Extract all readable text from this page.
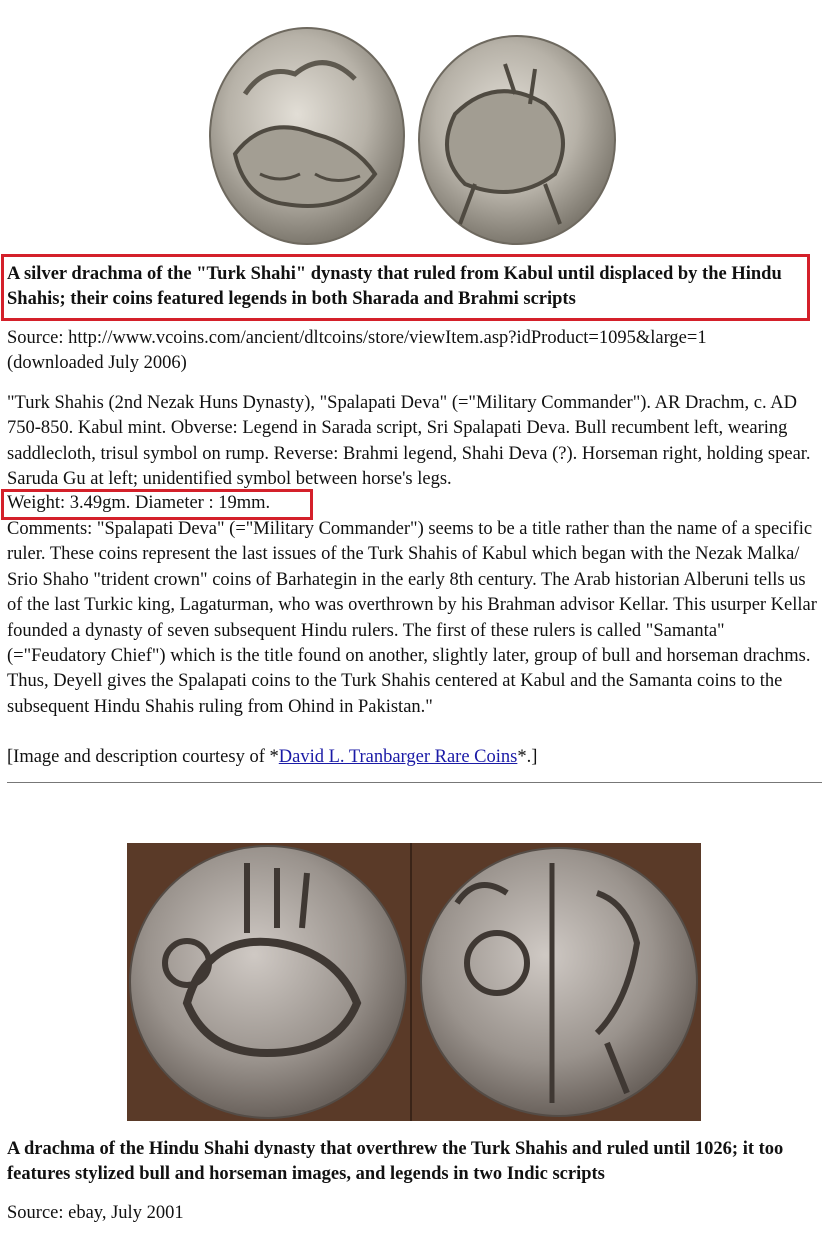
A silver drachma of the "Turk Shahi" dynasty that ruled from Kabul until displaced by the Hindu Shahis; their coins featured legends in both Sharada and Brahmi scripts

Source: http://www.vcoins.com/ancient/dltcoins/store/viewItem.asp?idProduct=1095&large=1 (downloaded July 2006)

"Turk Shahis (2nd Nezak Huns Dynasty), "Spalapati Deva" (="Military Commander"). AR Drachm, c. AD 750-850. Kabul mint. Obverse: Legend in Sarada script, Sri Spalapati Deva. Bull recumbent left, wearing saddlecloth, trisul symbol on rump. Reverse: Brahmi legend, Shahi Deva (?). Horseman right, holding spear. Saruda Gu at left; unidentified symbol between horse's legs.

Weight: 3.49gm. Diameter : 19mm.

Comments: "Spalapati Deva" (="Military Commander") seems to be a title rather than the name of a specific ruler. These coins represent the last issues of the Turk Shahis of Kabul which began with the Nezak Malka/ Srio Shaho "trident crown" coins of Barhategin in the early 8th century. The Arab historian Alberuni tells us of the last Turkic king, Lagaturman, who was overthrown by his Brahman advisor Kellar. This usurper Kellar founded a dynasty of seven subsequent Hindu rulers. The first of these rulers is called "Samanta" (="Feudatory Chief") which is the title found on another, slightly later, group of bull and horseman drachms. Thus, Deyell gives the Spalapati coins to the Turk Shahis centered at Kabul and the Samanta coins to the subsequent Hindu Shahis ruling from Ohind in Pakistan."

[Image and description courtesy of *David L. Tranbarger Rare Coins*.]

A drachma of the Hindu Shahi dynasty that overthrew the Turk Shahis and ruled until 1026; it too features stylized bull and horseman images, and legends in two Indic scripts

Source: ebay, July 2001
